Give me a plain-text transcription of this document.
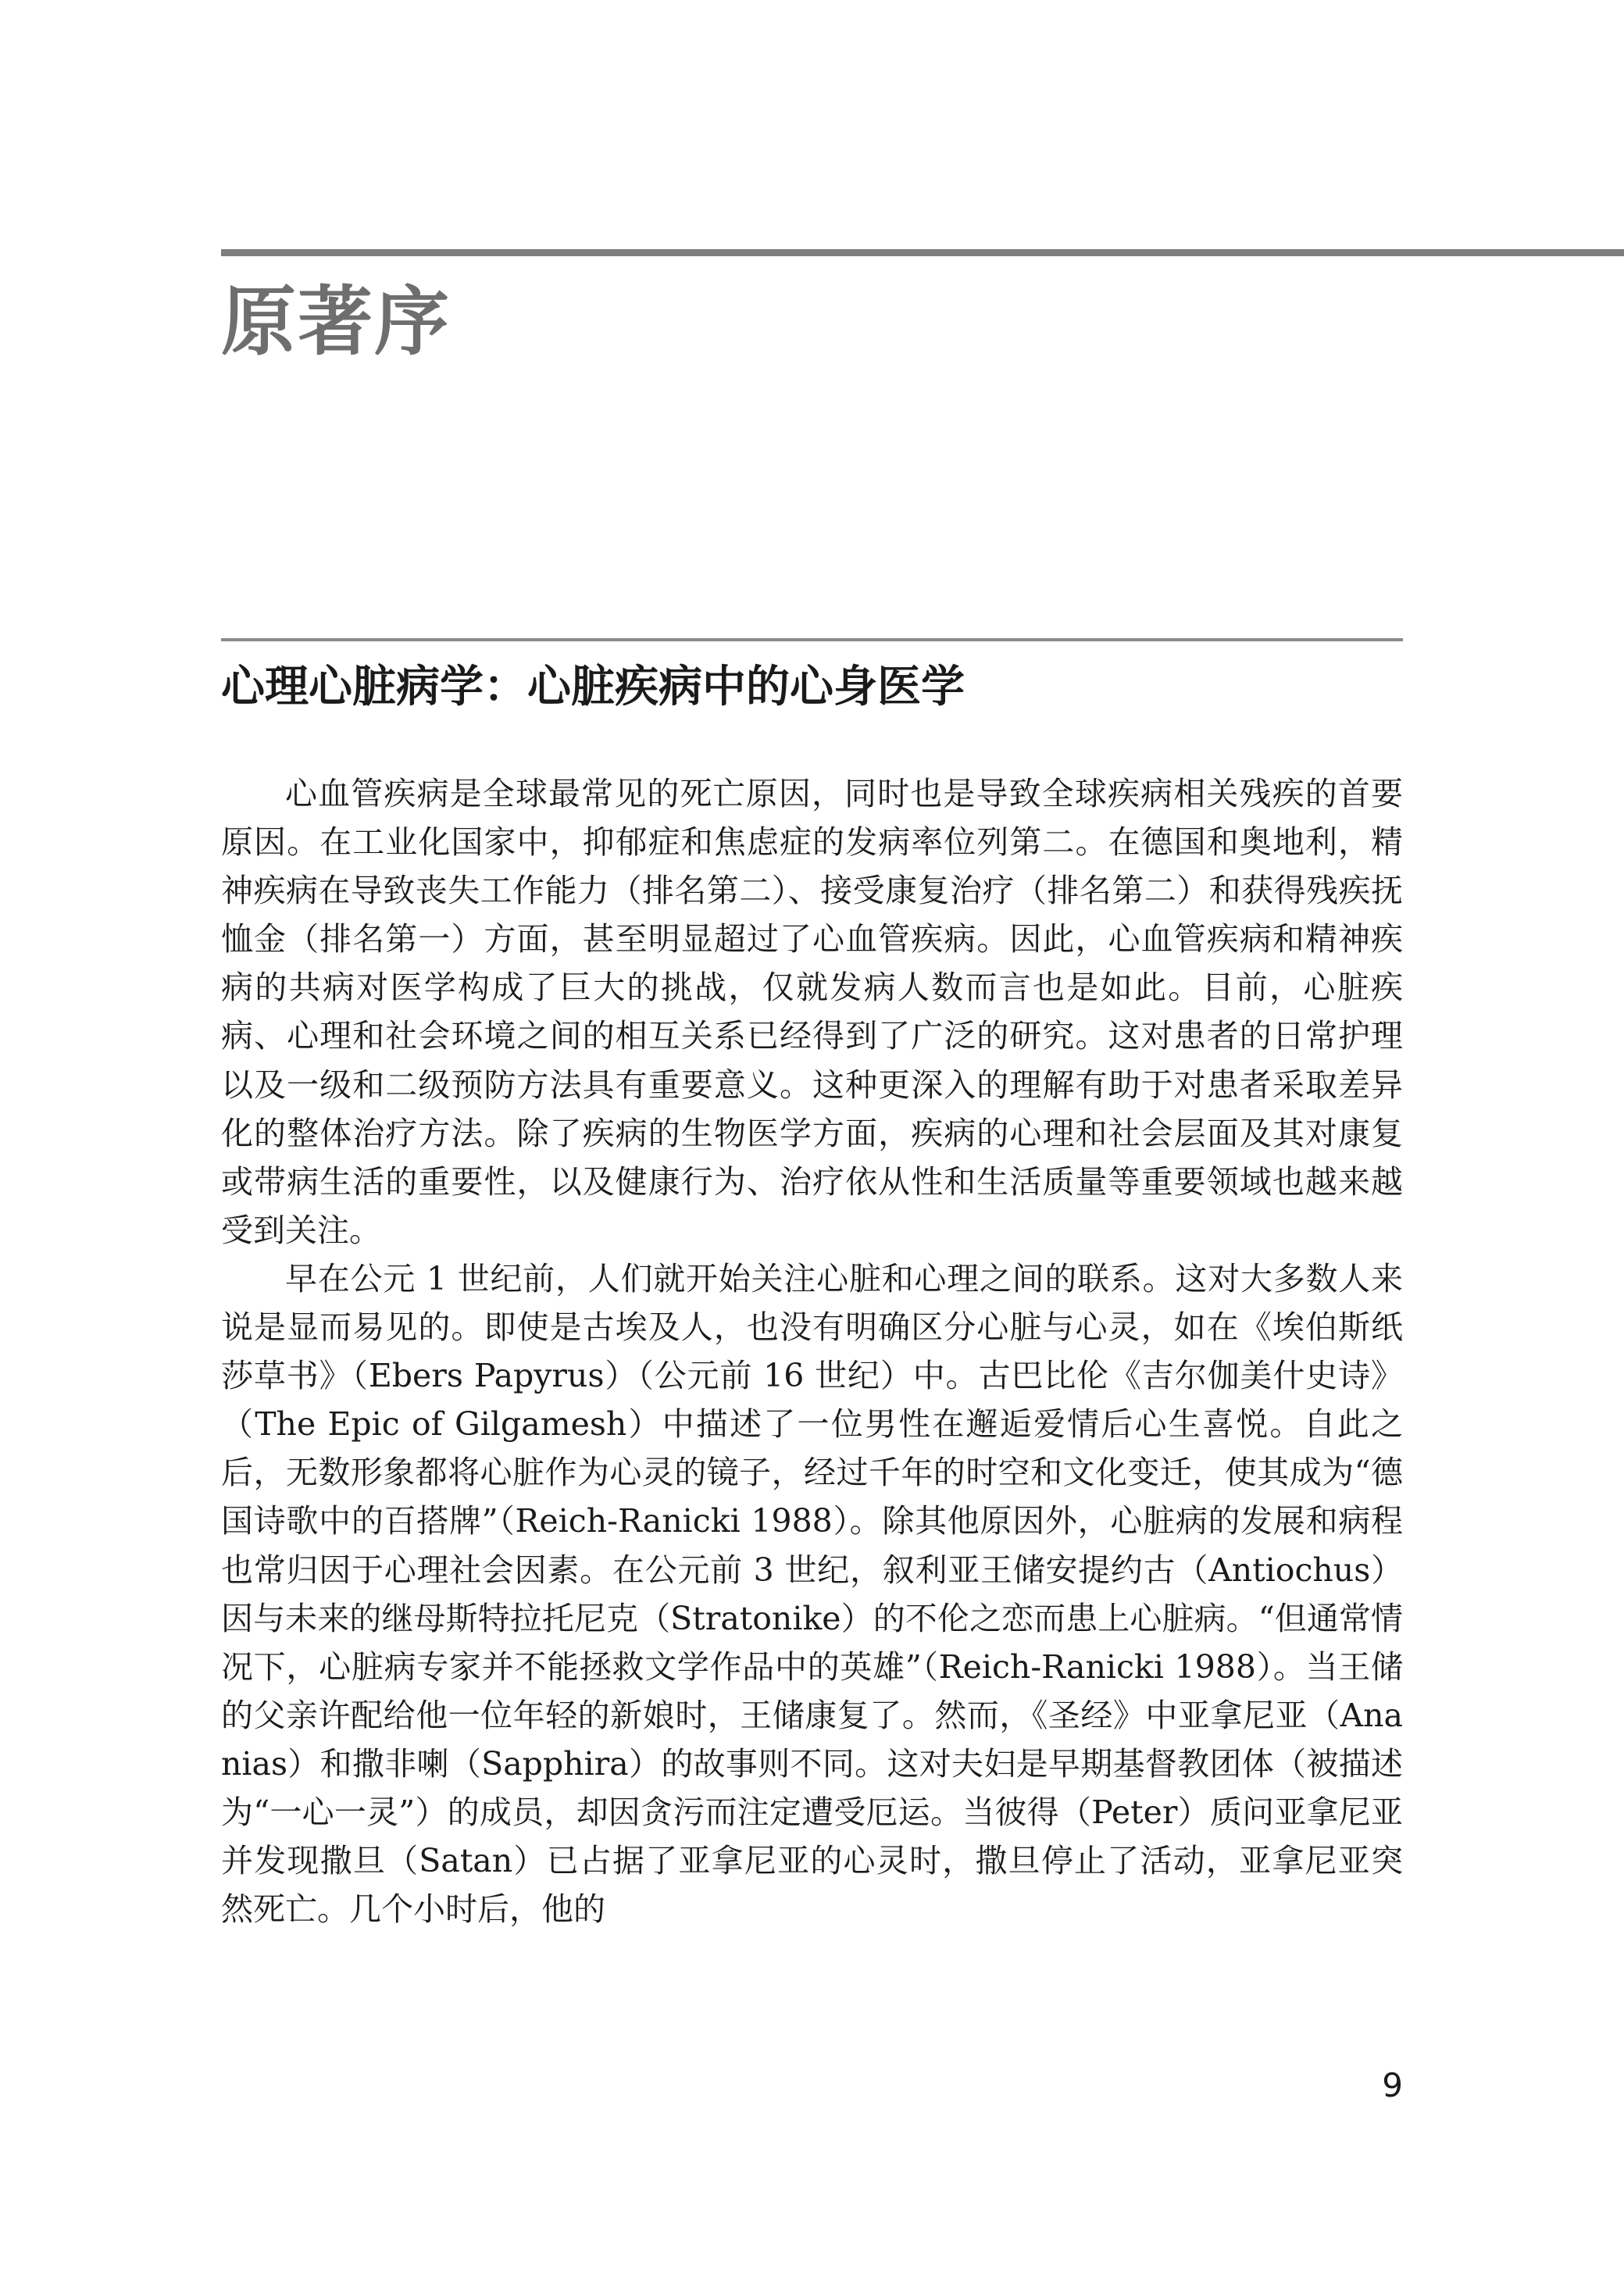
原著序
心理心脏病学：心脏疾病中的心身医学

心血管疾病是全球最常见的死亡原因，同时也是导致全球疾病相关残疾的首要原因。在工业化国家中，抑郁症和焦虑症的发病率位列第二。在德国和奥地利，精神疾病在导致丧失工作能力（排名第二）、接受康复治疗（排名第二）和获得残疾抚恤金（排名第一）方面，甚至明显超过了心血管疾病。因此，心血管疾病和精神疾病的共病对医学构成了巨大的挑战，仅就发病人数而言也是如此。目前，心脏疾病、心理和社会环境之间的相互关系已经得到了广泛的研究。这对患者的日常护理以及一级和二级预防方法具有重要意义。这种更深入的理解有助于对患者采取差异化的整体治疗方法。除了疾病的生物医学方面，疾病的心理和社会层面及其对康复或带病生活的重要性，以及健康行为、治疗依从性和生活质量等重要领域也越来越受到关注。

早在公元 1 世纪前，人们就开始关注心脏和心理之间的联系。这对大多数人来说是显而易见的。即使是古埃及人，也没有明确区分心脏与心灵，如在《埃伯斯纸莎草书》（Ebers Papyrus）（公元前 16 世纪）中。古巴比伦《吉尔伽美什史诗》（The Epic of Gilgamesh）中描述了一位男性在邂逅爱情后心生喜悦。自此之后，无数形象都将心脏作为心灵的镜子，经过千年的时空和文化变迁，使其成为“德国诗歌中的百搭牌”（Reich-Ranicki 1988）。除其他原因外，心脏病的发展和病程也常归因于心理社会因素。在公元前 3 世纪，叙利亚王储安提约古（Antiochus）因与未来的继母斯特拉托尼克（Stratonike）的不伦之恋而患上心脏病。“但通常情况下，心脏病专家并不能拯救文学作品中的英雄”（Reich-Ranicki 1988）。当王储的父亲许配给他一位年轻的新娘时，王储康复了。然而，《圣经》中亚拿尼亚（Ananias）和撒非喇（Sapphira）的故事则不同。这对夫妇是早期基督教团体（被描述为“一心一灵”）的成员，却因贪污而注定遭受厄运。当彼得（Peter）质问亚拿尼亚并发现撒旦（Satan）已占据了亚拿尼亚的心灵时，撒旦停止了活动，亚拿尼亚突然死亡。几个小时后，他的

9
